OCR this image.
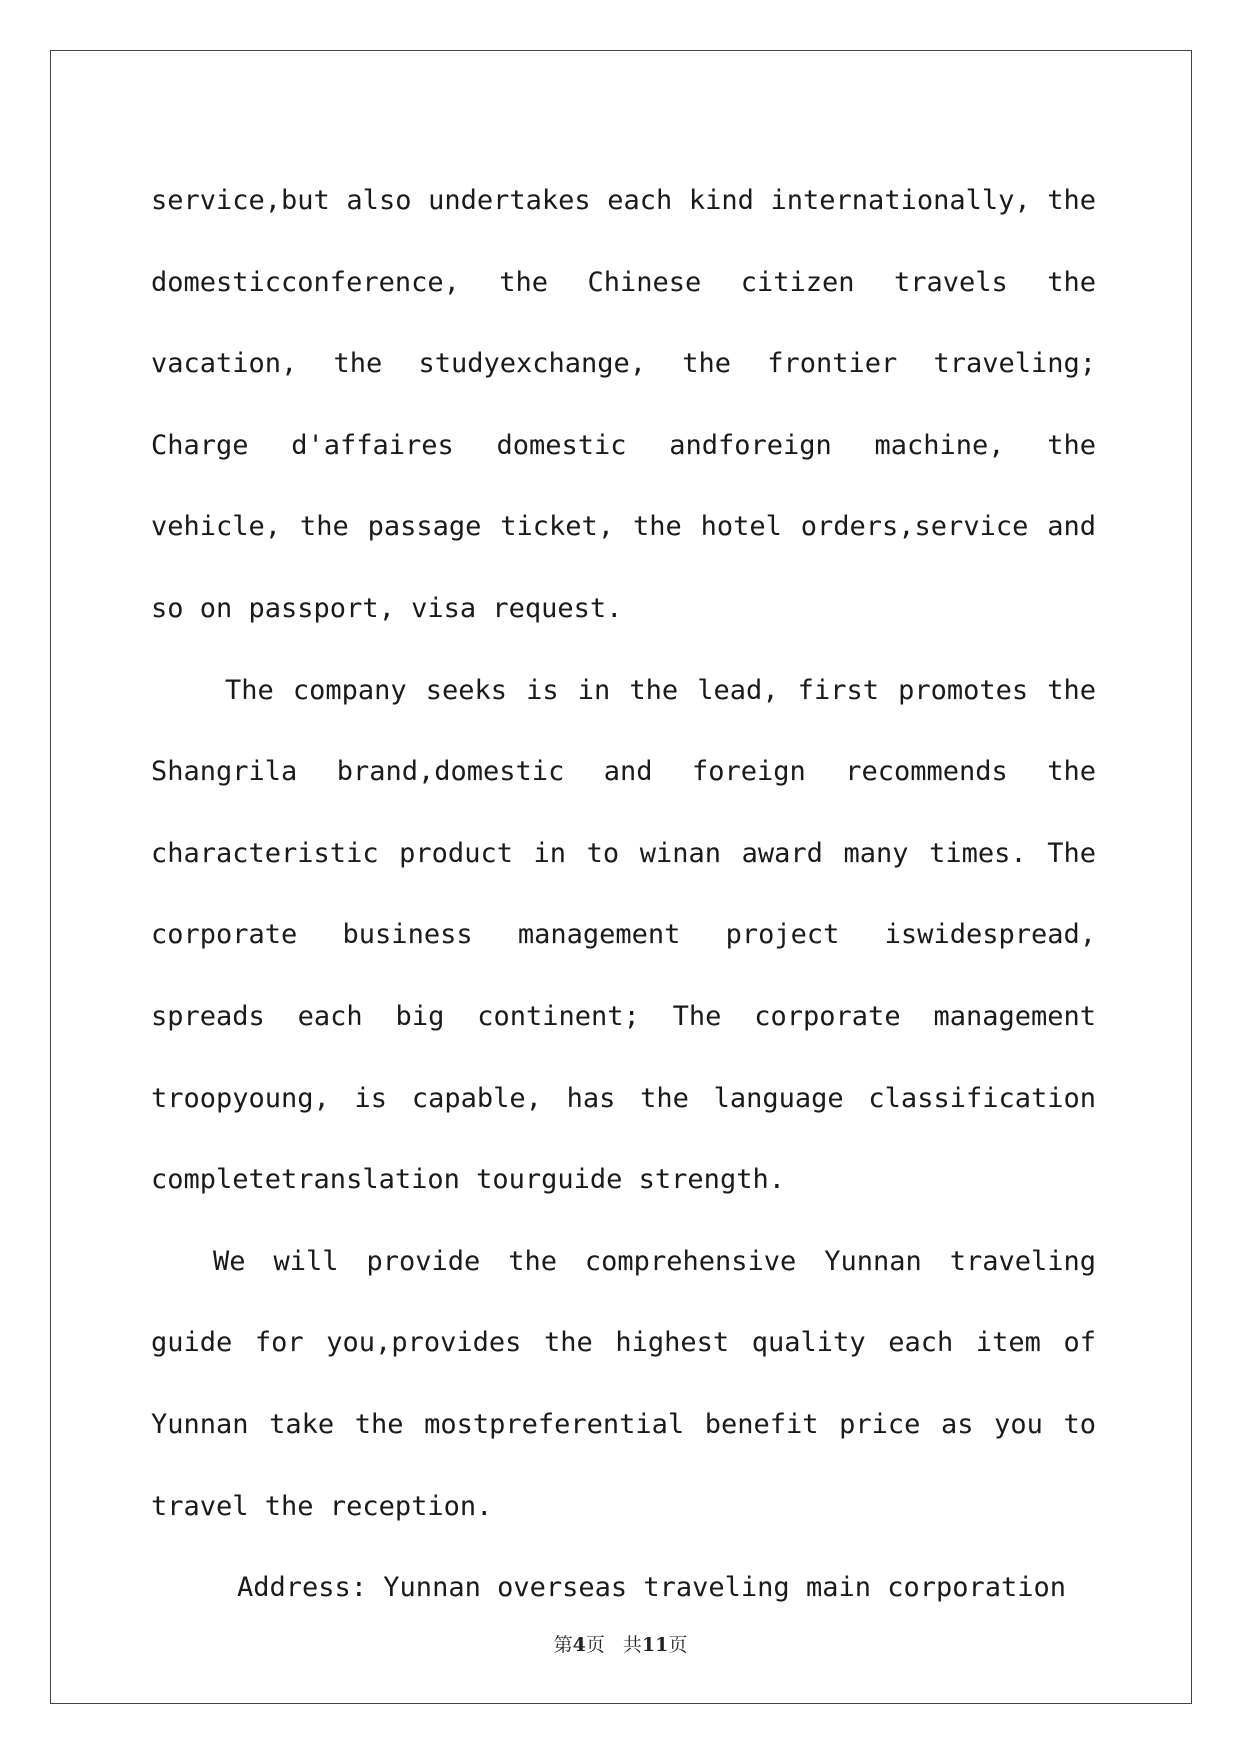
service,but also undertakes each kind internationally, the domesticconference, the Chinese citizen travels the vacation, the studyexchange, the frontier traveling; Charge d'affaires domestic andforeign machine, the vehicle, the passage ticket, the hotel orders,service and so on passport, visa request.

The company seeks is in the lead, first promotes the Shangrila brand,domestic and foreign recommends the characteristic product in to winan award many times. The corporate business management project iswidespread, spreads each big continent; The corporate management troopyoung, is capable, has the language classification completetranslation tourguide strength.

We will provide the comprehensive Yunnan traveling guide for you,provides the highest quality each item of Yunnan take the mostpreferential benefit price as you to travel the reception.

Address: Yunnan overseas traveling main corporation

第4页 共11页
